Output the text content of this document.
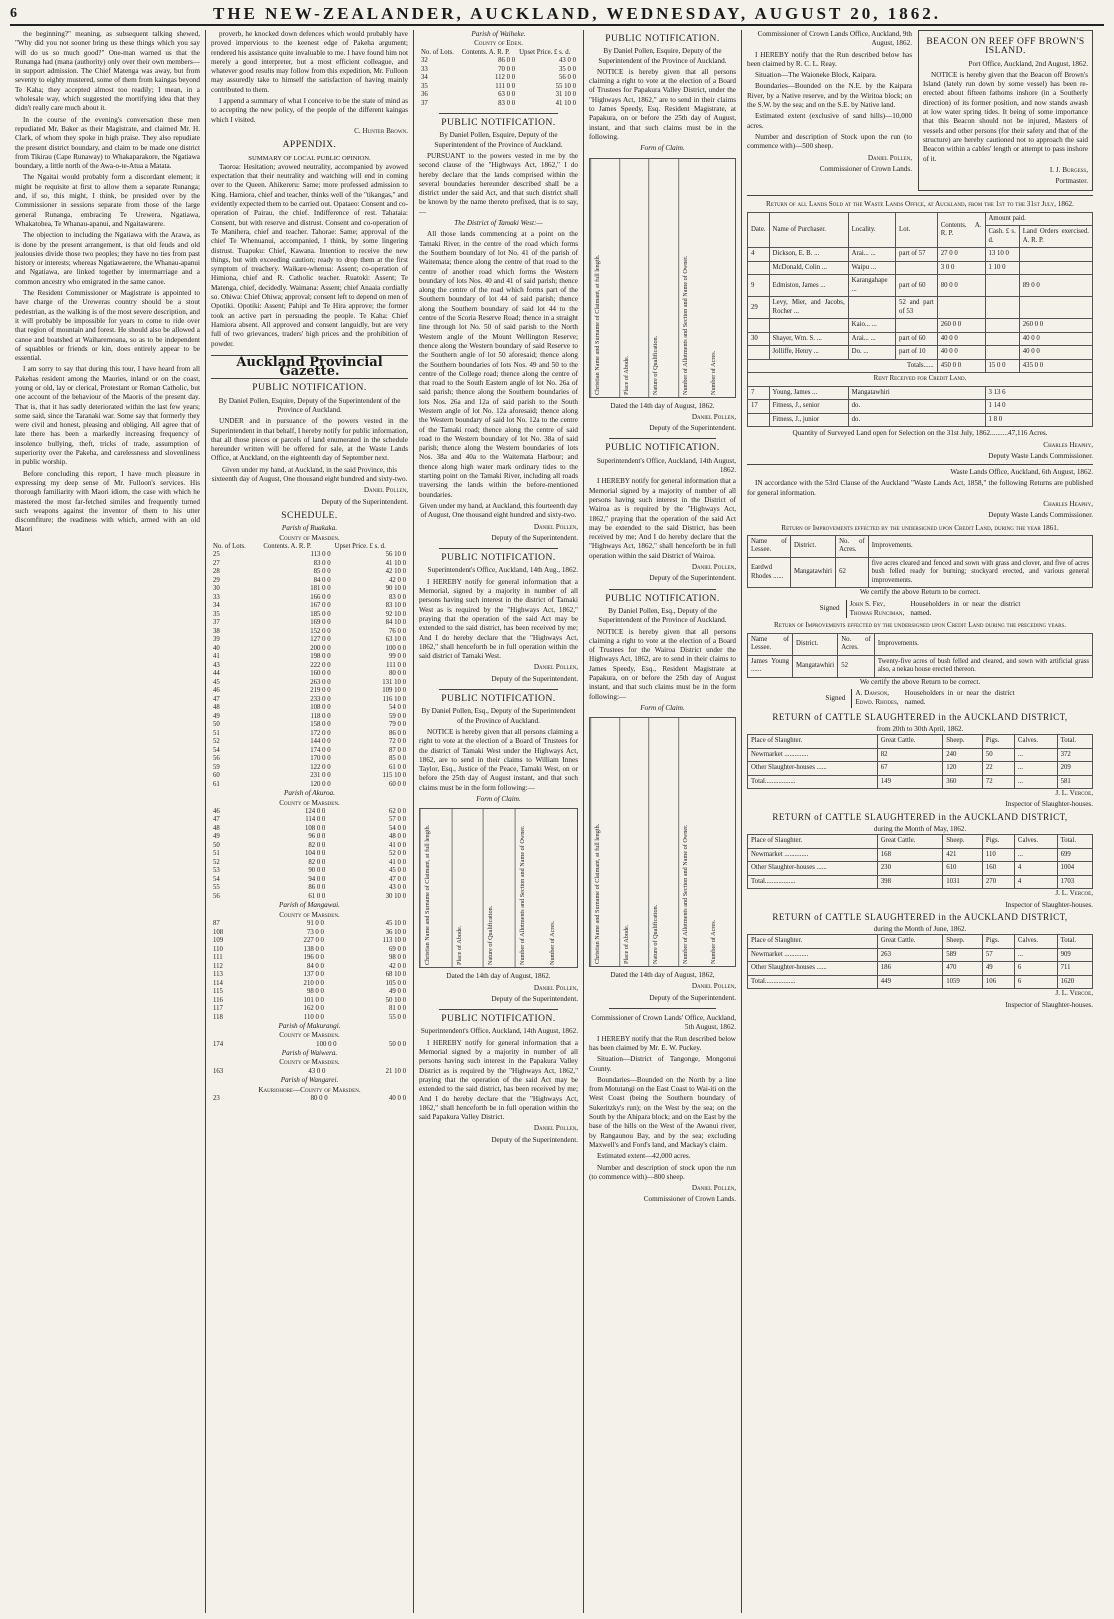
6	THE NEW-ZEALANDER, AUCKLAND, WEDNESDAY, AUGUST 20, 1862.

the beginning?" meaning, as subsequent talking shewed, "Why did you not sooner bring us these things which you say will do us so much good?" One-man warned us that the Runanga had (mana (authority) only over their own members—in support admission. The Chief Matenga was away, but from seventy to eighty mustered, some of them from kaingas beyond Te Kaha; they accepted almost too readily; I mean, in a wholesale way, which suggested the mortifying idea that they didn't really care much about it.

In the course of the evening's conversation these men repudiated Mr. Baker as their Magistrate, and claimed Mr. H. Clark, of whom they spoke in high praise. They also repudiate the present district boundary, and claim to be made one district from Tikirau (Cape Runaway) to Whakaparakore, the Ngatiawa boundary, a little north of the Awa-o-te-Atua a Matata.

The Ngaitai would probably form a discordant element; it might be requisite at first to allow them a separate Runanga; and, if so, this might, I think, be presided over by the Commissioner in sessions separate from those of the large general Runanga, embracing Te Urewera, Ngatiawa, Whakatohea, Te Whanau-apanui, and Ngaitawarere.

The objection to including the Ngatiawa with the Arawa, as is done by the present arrangement, is that old feuds and old jealousies divide those two peoples; they have no ties from past history or interests; whereas Ngatiawaerere, the Whanau-apanui and Ngatiawa, are linked together by intermarriage and a common ancestry who emigrated in the same canoe.

The Resident Commissioner or Magistrate is appointed to have charge of the Ureweras country should be a stout pedestrian, as the walking is of the most severe description, and it will probably be impossible for years to come to ride over that region of mountain and forest. He should also be allowed a canoe and boatshed at Waiharemoana, so as to be independent of squabbles or friends or kin, does entirely appear to be essential.

I am sorry to say that during this tour, I have heard from all Pakehas resident among the Maories, inland or on the coast, young or old, lay or clerical, Protestant or Roman Catholic, but one account of the behaviour of the Maoris of the present day. That is, that it has sadly deteriorated within the last few years; some said, since the Taranaki war. Some say that formerly they were civil and honest, pleasing and obliging. All agree that of late there has been a markedly increasing frequency of insolence bullying, theft, tricks of trade, assumption of superiority over the Pakeha, and carelessness and slovenliness in public worship.

Before concluding this report, I have much pleasure in expressing my deep sense of Mr. Fulloon's services. His thorough familiarity with Maori idiom, the case with which he mastered the most far-fetched similes and frequently turned such weapons against the inventor of them to his utter discomfiture; the readiness with which, armed with an old Maori

proverb, he knocked down defences which would probably have proved impervious to the keenest edge of Pakeha argument; rendered his assistance quite invaluable to me. I have found him not merely a good interpreter, but a most efficient colleague, and whatever good results may follow from this expedition, Mr. Fulloon may assuredly take to himself the satisfaction of having mainly contributed to them.

I append a summary of what I conceive to be the state of mind as to accepting the new policy, of the people of the different kaingas which I visited.

C. Hunter Brown.

APPENDIX.
SUMMARY OF LOCAL PUBLIC OPINION.

Taoroa: Hesitation; avowed neutrality, accompanied by avowed expectation that their neutrality and watching will end in coming over to the Queen. Ahikereru: Same; more professed admission to King. Hamiora, chief and teacher, thinks well of the "tikangas," and evidently expected them to be carried out. Opataeo: Consent and co-operation of Pairau, the chief. Indifference of rest. Tahataia: Consent, but with reserve and distrust. Consent and co-operation of Te Manihera, chief and teacher. Tahorae: Same; approval of the chief Te Whenuanui, accompanied, I think, by some lingering distrust. Tuapuku: Chief, Kawana. Intention to receive the new things, but with exceeding caution; ready to drop them at the first symptom of treachery. Waikare-whenua: Assent; co-operation of Himiona, chief and R. Catholic teacher. Ruatoki: Assent; Te Matenga, chief, decidedly. Waimana: Assent; chief Anaaia cordially so. Ohiwa: Chief Ohiwa; approval; consent left to depend on men of Opotiki. Opotiki: Assent; Pahipi and Te Hira approve; the former took an active part in persuading the people. Te Kaha: Chief Hamiora absent. All approved and consent languidly, but are very full of two grievances, traders' high prices and the prohibition of powder.

Auckland Provincial Gazette.
PUBLIC NOTIFICATION.

By Daniel Pollen, Esquire, Deputy of the Superintendent of the Province of Auckland.

UNDER and in pursuance of the powers vested in the Superintendent in that behalf, I hereby notify for public information, that all those pieces or parcels of land enumerated in the schedule hereunder written will be offered for sale, at the Waste Lands Office, at Auckland, on the eighteenth day of September next.

Given under my hand, at Auckland, in the said Province, this sixteenth day of August, One thousand eight hundred and sixty-two.

Daniel Pollen,

Deputy of the Superintendent.

SCHEDULE.
Parish of Ruakaka.
County of Marsden.
No. of Lots.	Contents. A. R. P.	Upset Price. £ s. d.
25	113 0 0	56 10 0
27	83 0 0	41 10 0
28	85 0 0	42 10 0
29	84 0 0	42 0 0
30	181 0 0	90 10 0
33	166 0 0	83 0 0
34	167 0 0	83 10 0
35	185 0 0	92 10 0
37	169 0 0	84 10 0
38	152 0 0	76 0 0
39	127 0 0	63 10 0
40	200 0 0	100 0 0
41	198 0 0	99 0 0
43	222 0 0	111 0 0
44	160 0 0	80 0 0
45	263 0 0	131 10 0
46	219 0 0	109 10 0
47	233 0 0	116 10 0
48	108 0 0	54 0 0
49	118 0 0	59 0 0
50	158 0 0	79 0 0
51	172 0 0	86 0 0
52	144 0 0	72 0 0
54	174 0 0	87 0 0
56	170 0 0	85 0 0
59	122 0 0	61 0 0
60	231 0 0	115 10 0
61	120 0 0	60 0 0
Parish of Akuroa.
County of Marsden.
46	124 0 0	62 0 0
47	114 0 0	57 0 0
48	108 0 0	54 0 0
49	96 0 0	48 0 0
50	82 0 0	41 0 0
51	104 0 0	52 0 0
52	82 0 0	41 0 0
53	90 0 0	45 0 0
54	94 0 0	47 0 0
55	86 0 0	43 0 0
56	61 0 0	30 10 0
Parish of Mangawai.
County of Marsden.
87	91 0 0	45 10 0
108	73 0 0	36 10 0
109	227 0 0	113 10 0
110	138 0 0	69 0 0
111	196 0 0	98 0 0
112	84 0 0	42 0 0
113	137 0 0	68 10 0
114	210 0 0	105 0 0
115	98 0 0	49 0 0
116	101 0 0	50 10 0
117	162 0 0	81 0 0
118	110 0 0	55 0 0
Parish of Makurangi.
County of Marsden.
174	100 0 0	50 0 0
Parish of Waiwera.
County of Marsden.
163	43 0 0	21 10 0
Parish of Wangarei.
Kauriohore—County of Marsden.
23	80 0 0	40 0 0
Parish of Waiheke.
County of Eden.
No. of Lots.	Contents. A. R. P.	Upset Price. £ s. d.
32	86 0 0	43 0 0
33	70 0 0	35 0 0
34	112 0 0	56 0 0
35	111 0 0	55 10 0
36	63 0 0	31 10 0
37	83 0 0	41 10 0
PUBLIC NOTIFICATION.

By Daniel Pollen, Esquire, Deputy of the Superintendent of the Province of Auckland.

PURSUANT to the powers vested in me by the second clause of the "Highways Act, 1862," I do hereby declare that the lands comprised within the several boundaries hereunder described shall be a district under the said Act, and that such district shall be known by the name thereto prefixed, that is to say,—

The District of Tamaki West:—

All those lands commencing at a point on the Tamaki River, in the centre of the road which forms the Southern boundary of lot No. 41 of the parish of Waitemata; thence along the centre of that road to the centre of another road which forms the Western boundary of lots Nos. 40 and 41 of said parish; thence along the centre of the road which forms part of the Southern boundary of lot 44 of said parish; thence along the Southern boundary of said lot 44 to the centre of the Scoria Reserve Road; thence in a straight line through lot No. 50 of said parish to the North Western angle of the Mount Wellington Reserve; thence along the Western boundary of said Reserve to the Southern angle of lot 50 aforesaid; thence along the Southern boundaries of lots Nos. 49 and 50 to the centre of the College road; thence along the centre of that road to the South Eastern angle of lot No. 26a of said parish; thence along the Southern boundaries of lots Nos. 26a and 12a of said parish to the South Western angle of lot No. 12a aforesaid; thence along the Western boundary of said lot No. 12a to the centre of the Tamaki road; thence along the centre of said road to the Western boundary of lot No. 38a of said parish; thence along the Western boundaries of lots Nos. 38a and 40a to the Waitemata Harbour; and thence along high water mark ordinary tides to the starting point on the Tamaki River, including all roads traversing the lands within the before-mentioned boundaries.

Given under my hand, at Auckland, this fourteenth day of August, One thousand eight hundred and sixty-two.

Daniel Pollen,

Deputy of the Superintendent.

PUBLIC NOTIFICATION.

Superintendent's Office, Auckland, 14th Aug., 1862.

I HEREBY notify for general information that a Memorial, signed by a majority in number of all persons having such interest in the district of Tamaki West as is required by the "Highways Act, 1862," praying that the operation of the said Act may be extended to the said district, has been received by me; And I do hereby declare that the "Highways Act, 1862," shall henceforth be in full operation within the said district of Tamaki West.

Daniel Pollen,

Deputy of the Superintendent.

PUBLIC NOTIFICATION.

By Daniel Pollen, Esq., Deputy of the Superintendent of the Province of Auckland.

NOTICE is hereby given that all persons claiming a right to vote at the election of a Board of Trustees for the district of Tamaki West under the Highways Act, 1862, are to send in their claims to William Innes Taylor, Esq., Justice of the Peace, Tamaki West, on or before the 25th day of August instant, and that such claims must be in the form following:—

Form of Claim.
Christian Name and Surname of Claimant, at full length.	Place of Abode.	Nature of Qualification.	Number of Allotments and Section and Name of Owner.	Number of Acres.

Dated the 14th day of August, 1862.

Daniel Pollen,

Deputy of the Superintendent.

PUBLIC NOTIFICATION.

Superintendent's Office, Auckland, 14th August, 1862.

I HEREBY notify for general information that a Memorial signed by a majority in number of all persons having such interest in the Papakura Valley District as is required by the "Highways Act, 1862," praying that the operation of the said Act may be extended to the said district, has been received by me; And I do hereby declare that the "Highways Act, 1862," shall henceforth be in full operation within the said Papakura Valley District.

Daniel Pollen,

Deputy of the Superintendent.

PUBLIC NOTIFICATION.

By Daniel Pollen, Esquire, Deputy of the Superintendent of the Province of Auckland.

NOTICE is hereby given that all persons claiming a right to vote at the election of a Board of Trustees for Papakura Valley District, under the "Highways Act, 1862," are to send in their claims to James Speedy, Esq. Resident Magistrate, at Papakura, on or before the 25th day of August, instant, and that such claims must be in the following.

Form of Claim.
Christian Name and Surname of Claimant, at full length.	Place of Abode.	Nature of Qualification.	Number of Allotments and Section and Name of Owner.	Number of Acres.

Dated the 14th day of August, 1862.

Daniel Pollen,

Deputy of the Superintendent.

PUBLIC NOTIFICATION.

Superintendent's Office, Auckland, 14th August, 1862.

I HEREBY notify for general information that a Memorial signed by a majority of number of all persons having such interest in the District of Wairoa as is required by the "Highways Act, 1862," praying that the operation of the said Act may be extended to the said District, has been received by me; And I do hereby declare that the "Highways Act, 1862," shall henceforth be in full operation within the said District of Wairoa.

Daniel Pollen,

Deputy of the Superintendent.

PUBLIC NOTIFICATION.

By Daniel Pollen, Esq., Deputy of the Superintendent of the Province of Auckland.

NOTICE is hereby given that all persons claiming a right to vote at the election of a Board of Trustees for the Wairoa District under the Highways Act, 1862, are to send in their claims to James Speedy, Esq., Resident Magistrate at Papakura, on or before the 25th day of August instant, and that such claims must be in the form following:—

Form of Claim.
Christian Name and Surname of Claimant, at full length.	Place of Abode.	Nature of Qualification.	Number of Allotments and Section and Name of Owner.	Number of Acres.

Dated the 14th day of August, 1862,

Daniel Pollen,

Deputy of the Superintendent.

Commissioner of Crown Lands' Office, Auckland, 5th August, 1862.

I HEREBY notify that the Run described below has been claimed by Mr. E. W. Puckey.

Situation—District of Tangonge, Mongonui County.

Boundaries—Bounded on the North by a line from Motutangi on the East Coast to Wai-iti on the West Coast (being the Southern boundary of Sukeritzky's run); on the West by the sea; on the South by the Ahipara block; and on the East by the base of the hills on the West of the Awanui river, by Rangaunou Bay, and by the sea; excluding Maxwell's and Ford's land, and Mackay's claim.

Estimated extent—42,000 acres.

Number and description of stock upon the run (to commence with)—800 sheep.

Daniel Pollen,

Commissioner of Crown Lands.

Commissioner of Crown Lands Office, Auckland, 9th August, 1862.

I HEREBY notify that the Run described below has been claimed by R. C. L. Reay.

Situation—The Waioneke Block, Kaipara.

Boundaries—Bounded on the N.E. by the Kaipara River, by a Native reserve, and by the Wiritoa block; on the S.W. by the sea; and on the S.E. by Native land.

Estimated extent (exclusive of sand hills)—10,000 acres.

Number and description of Stock upon the run (to commence with)—500 sheep.

Daniel Pollen,

Commissioner of Crown Lands.

BEACON ON REEF OFF BROWN'S ISLAND.

Port Office, Auckland, 2nd August, 1862.

NOTICE is hereby given that the Beacon off Brown's Island (lately run down by some vessel) has been re-erected about fifteen fathoms inshore (in a Southerly direction) of its former position, and now stands awash at low water spring tides. It being of some importance that this Beacon should not be injured, Masters of vessels and other persons (for their safety and that of the structure) are hereby cautioned not to approach the said Beacon within a cables' length or attempt to pass inshore of it.

I. J. Burgess,

Portmaster.

Return of all Lands Sold at the Waste Lands Office, at Auckland, from the 1st to the 31st July, 1862.

Date.	Name of Purchaser.	Locality.	Lot.	Contents. A. R. P.	Amount paid.	
					Cash. £ s. d.	Land Orders exercised. A. R. P.
4	Dickson, E. B. ...	Arai... ...	part of 57	27 0 0	13 10 0	
	McDonald, Colin ...	Waipu ...		3 0 0	1 10 0	
9	Edmiston, James ...	Karangahape ...	part of 60	80 0 0		89 0 0
29	Levy, Mier, and Jacobs, Rocher ...		52 and part of 53			
		Kaio... ...		260 0 0		260 0 0
30	Shayer, Wm. S. ...	Arai... ...	part of 60	40 0 0		40 0 0
	Jolliffe, Henry ...	Do. ...	part of 10	40 0 0		40 0 0
Totals......				450 0 0	15 0 0	435 0 0
Rent Received for Credit Land.						
7	Young, James ...	Mangatawhiri			3 13 6	
17	Fitness, J., senior	do.			1 14 0	
	Fitness, J., junior	do.			1 8 0	

Quantity of Surveyed Land open for Selection on the 31st July, 1862..........47,116 Acres.

Charles Heaphy,

Deputy Waste Lands Commissioner.

Waste Lands Office, Auckland, 6th August, 1862.

IN accordance with the 53rd Clause of the Auckland "Waste Lands Act, 1858," the following Returns are published for general information.

Charles Heaphy,

Deputy Waste Lands Commissioner.

Return of Improvements effected by the undersigned upon Credit Land, during the year 1861.

Name of Lessee.	District.	No. of Acres.	Improvements.
Eardwd Rhodes ......	Mangatawhiri	62	five acres cleared and fenced and sown with grass and clover, and five of acres bush felled ready for burning; stockyard erected, and various general improvements.

We certify the above Return to be correct.

Signed
John S. Fry,
Thomas Runciman,
Householders in or near the district named.

Return of Improvements effected by the undersigned upon Credit Land during the preceding years.

Name of Lessee.	District.	No. of Acres.	Improvements.
James Young ......	Mangatawhiri	52	Twenty-five acres of bush felled and cleared, and sown with artificial grass also, a nekau house erected thereon.

We certify the above Return to be correct.

Signed
A. Dawson,
Edwd. Rhodes,
Householders in or near the district named.
RETURN of CATTLE SLAUGHTERED in the AUCKLAND DISTRICT,
from 20th to 30th April, 1862.
Place of Slaughter.	Great Cattle.	Sheep.	Pigs.	Calves.	Total.
Newmarket ..............	82	240	50	...	372
Other Slaughter-houses ......	67	120	22	...	209
Total..................	149	360	72	...	581

J. L. Vercoe,

Inspector of Slaughter-houses.

RETURN of CATTLE SLAUGHTERED in the AUCKLAND DISTRICT,
during the Month of May, 1862.
Place of Slaughter.	Great Cattle.	Sheep.	Pigs.	Calves.	Total.
Newmarket ..............	168	421	110	...	699
Other Slaughter-houses ......	230	610	160	4	1004
Total..................	398	1031	270	4	1703

J. L. Vercoe,

Inspector of Slaughter-houses.

RETURN of CATTLE SLAUGHTERED in the AUCKLAND DISTRICT,
during the Month of June, 1862.
Place of Slaughter.	Great Cattle.	Sheep.	Pigs.	Calves.	Total.
Newmarket ..............	263	589	57	...	909
Other Slaughter-houses ......	186	470	49	6	711
Total..................	449	1059	106	6	1620

J. L. Vercoe,

Inspector of Slaughter-houses.
